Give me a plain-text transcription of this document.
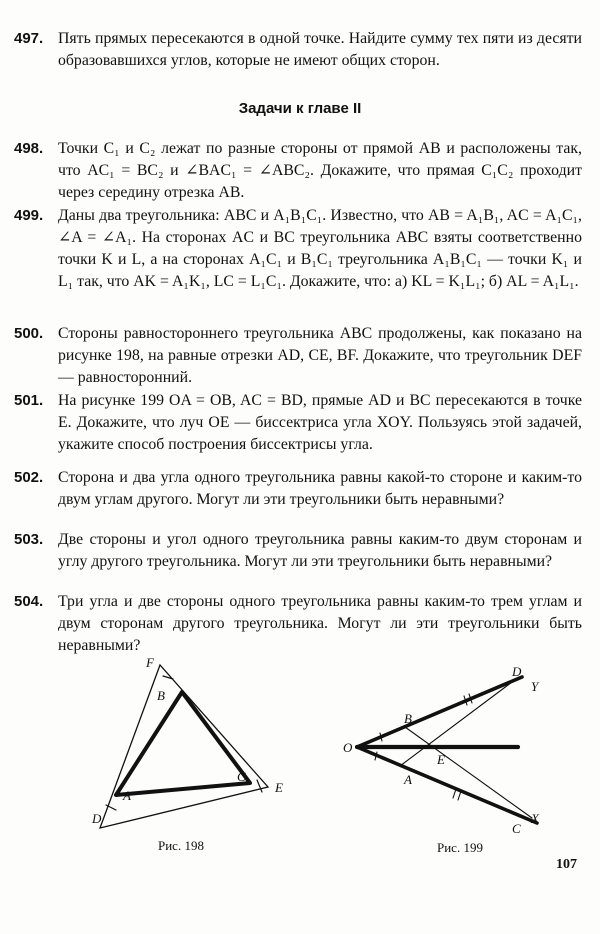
497. Пять прямых пересекаются в одной точке. Найдите сумму тех пяти из десяти образовавшихся углов, которые не имеют общих сторон.
Задачи к главе II
498. Точки C₁ и C₂ лежат по разные стороны от прямой AB и расположены так, что AC₁ = BC₂ и ∠BAC₁ = ∠ABC₂. Докажите, что прямая C₁C₂ проходит через середину отрезка AB.
499. Даны два треугольника: ABC и A₁B₁C₁. Известно, что AB = A₁B₁, AC = A₁C₁, ∠A = ∠A₁. На сторонах AC и BC треугольника ABC взяты соответственно точки K и L, а на сторонах A₁C₁ и B₁C₁ треугольника A₁B₁C₁ — точки K₁ и L₁ так, что AK = A₁K₁, LC = L₁C₁. Докажите, что: а) KL = K₁L₁; б) AL = A₁L₁.
500. Стороны равностороннего треугольника ABC продолжены, как показано на рисунке 198, на равные отрезки AD, CE, BF. Докажите, что треугольник DEF — равносторонний.
501. На рисунке 199 OA = OB, AC = BD, прямые AD и BC пересекаются в точке E. Докажите, что луч OE — биссектриса угла XOY. Пользуясь этой задачей, укажите способ построения биссектрисы угла.
502. Сторона и два угла одного треугольника равны какой-то стороне и каким-то двум углам другого. Могут ли эти треугольники быть неравными?
503. Две стороны и угол одного треугольника равны каким-то двум сторонам и углу другого треугольника. Могут ли эти треугольники быть неравными?
504. Три угла и две стороны одного треугольника равны каким-то трем углам и двум сторонам другого треугольника. Могут ли эти треугольники быть неравными?
F
B
C
E
A
D
Рис. 198
D
Y
B
O
E
A
X
C
Рис. 199
107
